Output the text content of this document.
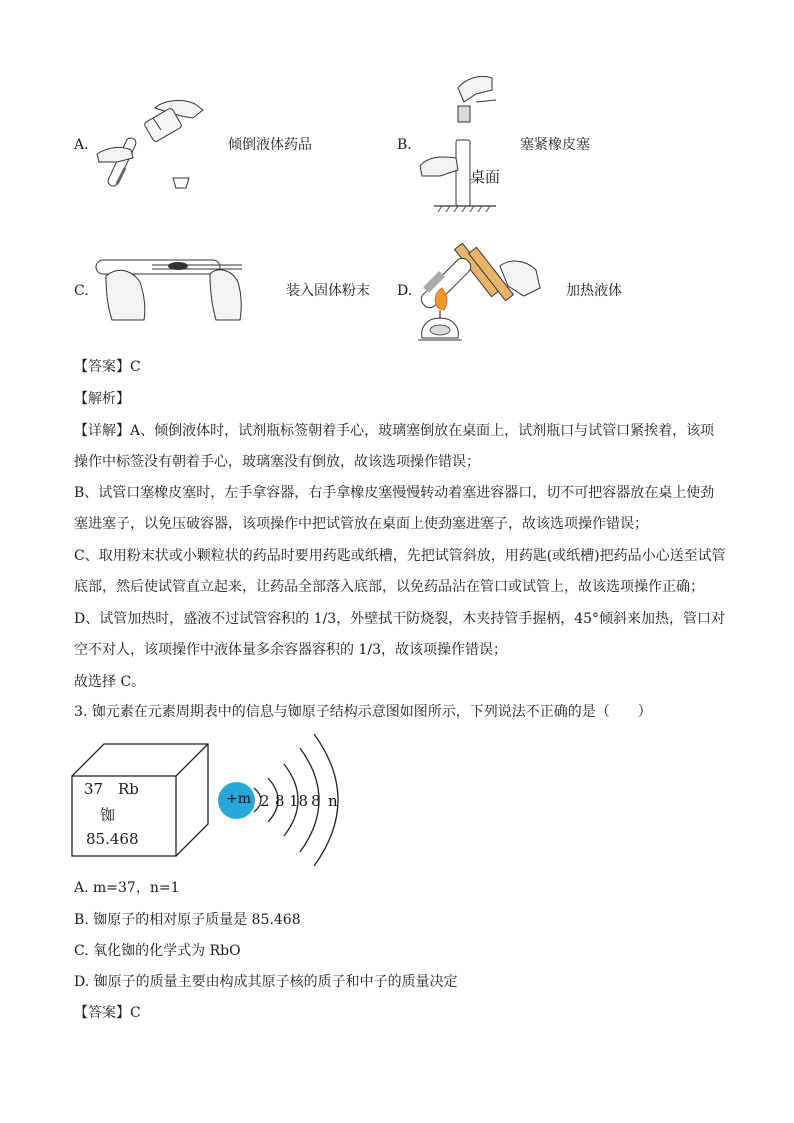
A.	倾倒液体药品	B.
桌面
塞紧橡皮塞
C.	装入固体粉末 D.	加热液体
【答案】C
【解析】
【详解】A、倾倒液体时，试剂瓶标签朝着手心，玻璃塞倒放在桌面上，试剂瓶口与试管口紧挨着，该项
操作中标签没有朝着手心，玻璃塞没有倒放，故该选项操作错误；
B、试管口塞橡皮塞时，左手拿容器，右手拿橡皮塞慢慢转动着塞进容器口，切不可把容器放在桌上使劲
塞进塞子，以免压破容器，该项操作中把试管放在桌面上使劲塞进塞子，故该选项操作错误；
C、取用粉末状或小颗粒状的药品时要用药匙或纸槽，先把试管斜放，用药匙(或纸槽)把药品小心送至试管
底部，然后使试管直立起来，让药品全部落入底部，以免药品沾在管口或试管上，故该选项操作正确；
D、试管加热时，盛液不过试管容积的 1/3，外壁拭干防烧裂，木夹持管手握柄，45°倾斜来加热，管口对
空不对人，该项操作中液体量多余容器容积的 1/3，故该项操作错误；
故选择 C。
3. 铷元素在元素周期表中的信息与铷原子结构示意图如图所示，下列说法不正确的是（　　）
37 Rb
铷
85.468
+m 2 8 18 8 n
A. m=37，n=1
B. 铷原子的相对原子质量是 85.468
C. 氧化铷的化学式为 RbO
D. 铷原子的质量主要由构成其原子核的质子和中子的质量决定
【答案】C
